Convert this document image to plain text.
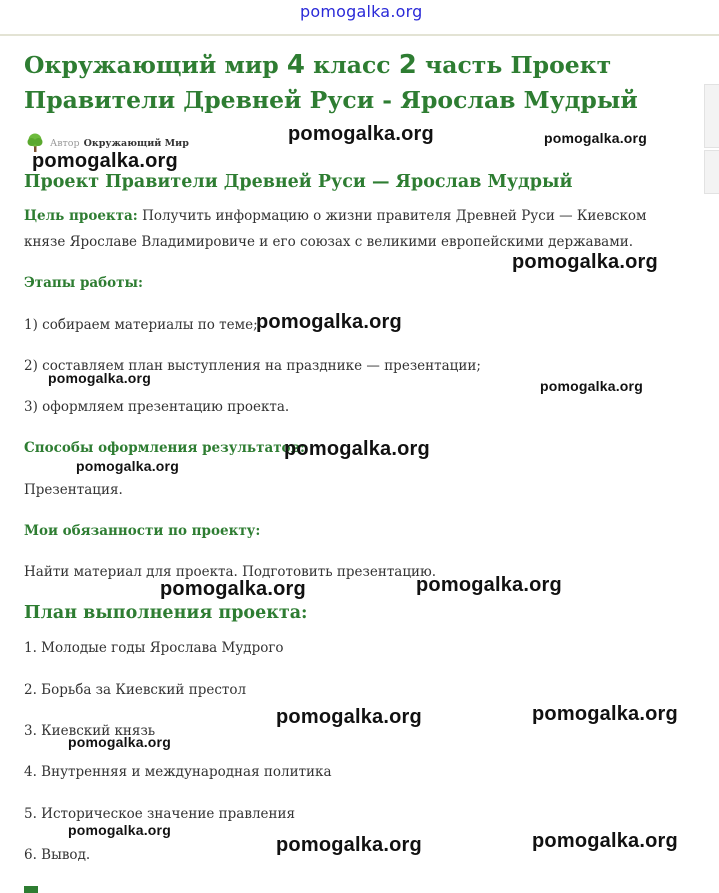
pomogalka.org
Окружающий мир 4 класс 2 часть Проект Правители Древней Руси - Ярослав Мудрый
Автор Окружающий Мир
Проект Правители Древней Руси — Ярослав Мудрый

Цель проекта: Получить информацию о жизни правителя Древней Руси — Киевском князе Ярославе Владимировиче и его союзах с великими европейскими державами.

Этапы работы:

1) собираем материалы по теме;

2) составляем план выступления на празднике — презентации;

3) оформляем презентацию проекта.

Способы оформления результатов:

Презентация.

Мои обязанности по проекту:

Найти материал для проекта. Подготовить презентацию.

План выполнения проекта:

1. Молодые годы Ярослава Мудрого

2. Борьба за Киевский престол

3. Киевский князь

4. Внутренняя и международная политика

5. Историческое значение правления

6. Вывод.

pomogalka.org	pomogalka.org
pomogalka.org
pomogalka.org
pomogalka.org
pomogalka.org	pomogalka.org
pomogalka.org
pomogalka.org
pomogalka.org	pomogalka.org
pomogalka.org	pomogalka.org
pomogalka.org
pomogalka.org
pomogalka.org	pomogalka.org
